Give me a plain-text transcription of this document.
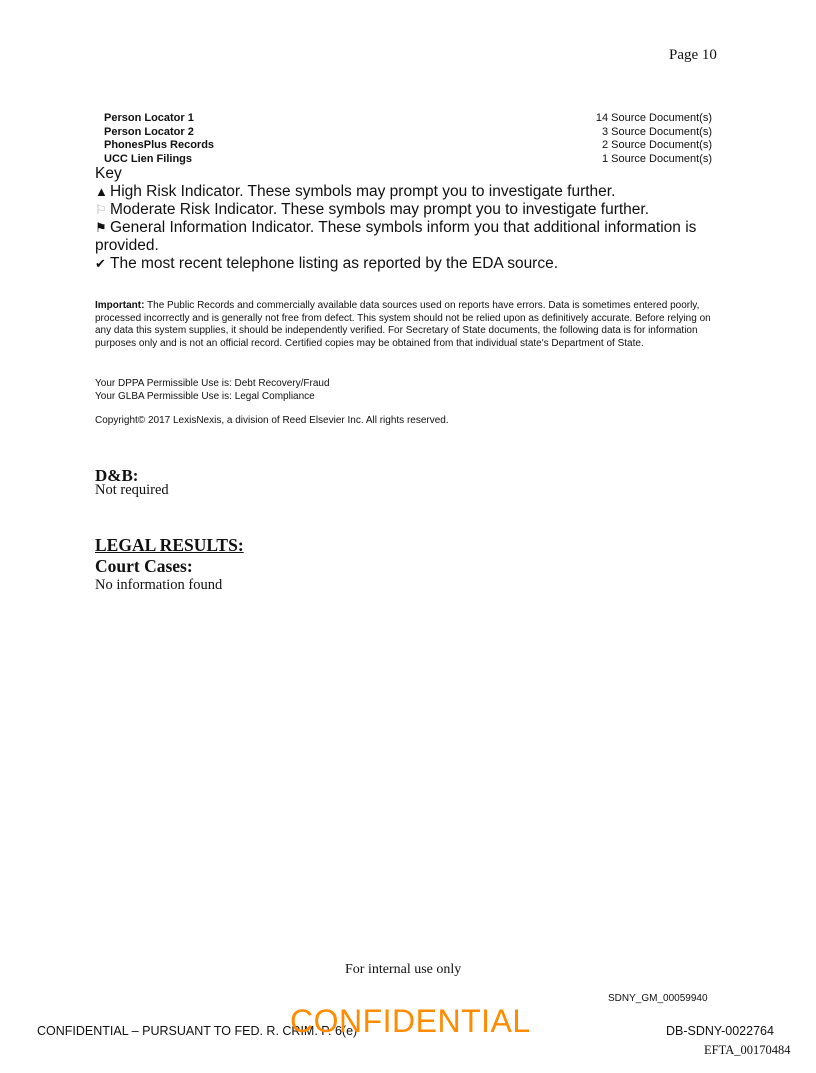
Page 10
Person Locator 1	14 Source Document(s)
Person Locator 2	3 Source Document(s)
PhonesPlus Records	2 Source Document(s)
UCC Lien Filings	1 Source Document(s)
Key
▲ High Risk Indicator. These symbols may prompt you to investigate further.
⚐ Moderate Risk Indicator. These symbols may prompt you to investigate further.
⚑ General Information Indicator. These symbols inform you that additional information is provided.
✔ The most recent telephone listing as reported by the EDA source.
Important: The Public Records and commercially available data sources used on reports have errors. Data is sometimes entered poorly, processed incorrectly and is generally not free from defect. This system should not be relied upon as definitively accurate. Before relying on any data this system supplies, it should be independently verified. For Secretary of State documents, the following data is for information purposes only and is not an official record. Certified copies may be obtained from that individual state's Department of State.
Your DPPA Permissible Use is: Debt Recovery/Fraud
Your GLBA Permissible Use is: Legal Compliance
Copyright© 2017 LexisNexis, a division of Reed Elsevier Inc. All rights reserved.
D&B:
Not required
LEGAL RESULTS:
Court Cases:
No information found
For internal use only
SDNY_GM_00059940
CONFIDENTIAL – PURSUANT TO FED. R. CRIM. P. 6(e)
CONFIDENTIAL	DB-SDNY-0022764
EFTA_00170484
